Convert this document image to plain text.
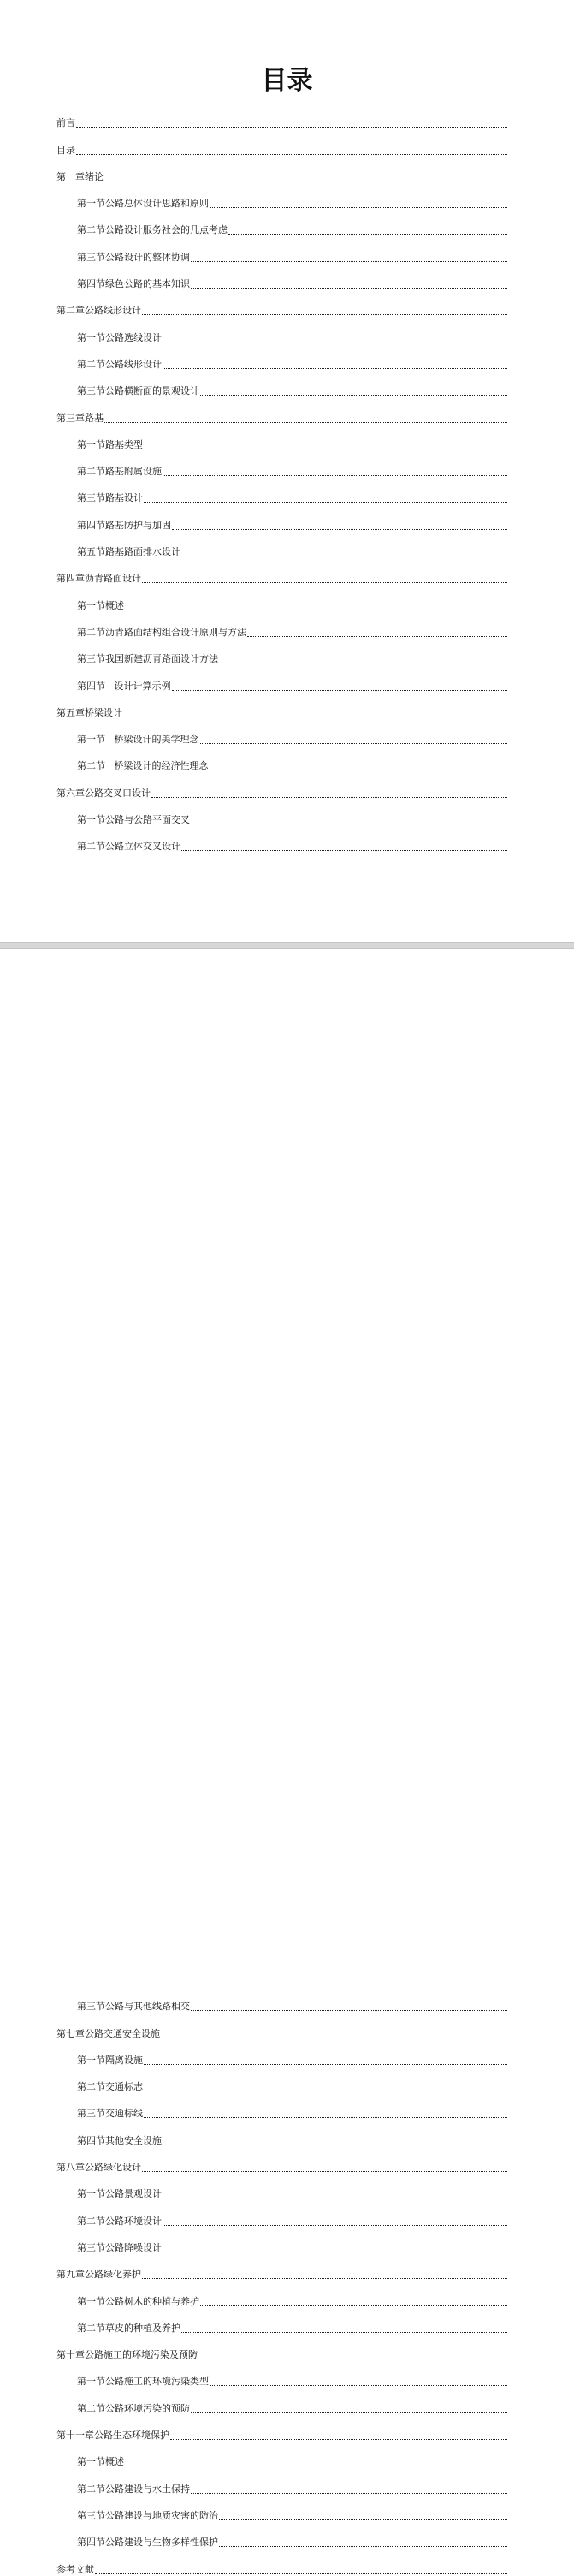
目录
前言
目录
第一章绪论
第一节公路总体设计思路和原则
第二节公路设计服务社会的几点考虑
第三节公路设计的整体协调
第四节绿色公路的基本知识
第二章公路线形设计
第一节公路选线设计
第二节公路线形设计
第三节公路横断面的景观设计
第三章路基
第一节路基类型
第二节路基附属设施
第三节路基设计
第四节路基防护与加固
第五节路基路面排水设计
第四章沥青路面设计
第一节概述
第二节沥青路面结构组合设计原则与方法
第三节我国新建沥青路面设计方法
第四节   设计计算示例
第五章桥梁设计
第一节   桥梁设计的美学理念
第二节   桥梁设计的经济性理念
第六章公路交叉口设计
第一节公路与公路平面交叉
第二节公路立体交叉设计
第三节公路与其他线路相交
第七章公路交通安全设施
第一节隔离设施
第二节交通标志
第三节交通标线
第四节其他安全设施
第八章公路绿化设计
第一节公路景观设计
第二节公路环境设计
第三节公路降噪设计
第九章公路绿化养护
第一节公路树木的种植与养护
第二节草皮的种植及养护
第十章公路施工的环境污染及预防
第一节公路施工的环境污染类型
第二节公路环境污染的预防
第十一章公路生态环境保护
第一节概述
第二节公路建设与水土保持
第三节公路建设与地质灾害的防治
第四节公路建设与生物多样性保护
参考文献
